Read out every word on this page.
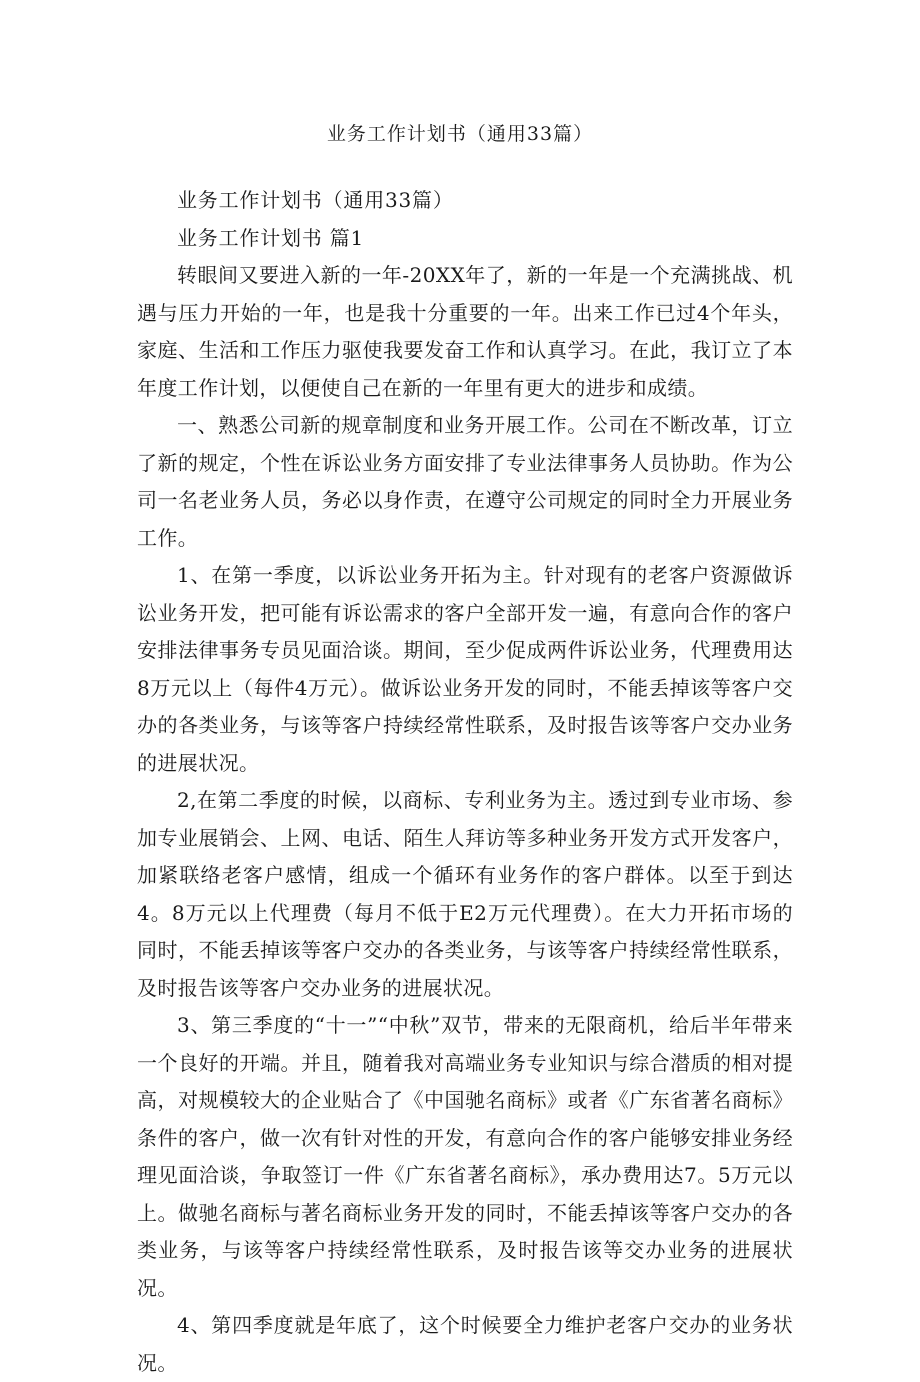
业务工作计划书（通用33篇）

业务工作计划书（通用33篇）

业务工作计划书 篇1

转眼间又要进入新的一年-20XX年了，新的一年是一个充满挑战、机遇与压力开始的一年，也是我十分重要的一年。出来工作已过4个年头，家庭、生活和工作压力驱使我要发奋工作和认真学习。在此，我订立了本年度工作计划，以便使自己在新的一年里有更大的进步和成绩。

一、熟悉公司新的规章制度和业务开展工作。公司在不断改革，订立了新的规定，个性在诉讼业务方面安排了专业法律事务人员协助。作为公司一名老业务人员，务必以身作责，在遵守公司规定的同时全力开展业务工作。

1、在第一季度，以诉讼业务开拓为主。针对现有的老客户资源做诉讼业务开发，把可能有诉讼需求的客户全部开发一遍，有意向合作的客户安排法律事务专员见面洽谈。期间，至少促成两件诉讼业务，代理费用达8万元以上（每件4万元）。做诉讼业务开发的同时，不能丢掉该等客户交办的各类业务，与该等客户持续经常性联系，及时报告该等客户交办业务的进展状况。

2,在第二季度的时候，以商标、专利业务为主。透过到专业市场、参加专业展销会、上网、电话、陌生人拜访等多种业务开发方式开发客户，加紧联络老客户感情，组成一个循环有业务作的客户群体。以至于到达4。8万元以上代理费（每月不低于E2万元代理费）。在大力开拓市场的同时，不能丢掉该等客户交办的各类业务，与该等客户持续经常性联系，及时报告该等客户交办业务的进展状况。

3、第三季度的“十一”“中秋”双节，带来的无限商机，给后半年带来一个良好的开端。并且，随着我对高端业务专业知识与综合潜质的相对提高，对规模较大的企业贴合了《中国驰名商标》或者《广东省著名商标》条件的客户，做一次有针对性的开发，有意向合作的客户能够安排业务经理见面洽谈，争取签订一件《广东省著名商标》，承办费用达7。5万元以上。做驰名商标与著名商标业务开发的同时，不能丢掉该等客户交办的各类业务，与该等客户持续经常性联系，及时报告该等交办业务的进展状况。

4、第四季度就是年底了，这个时候要全力维护老客户交办的业务状况。
